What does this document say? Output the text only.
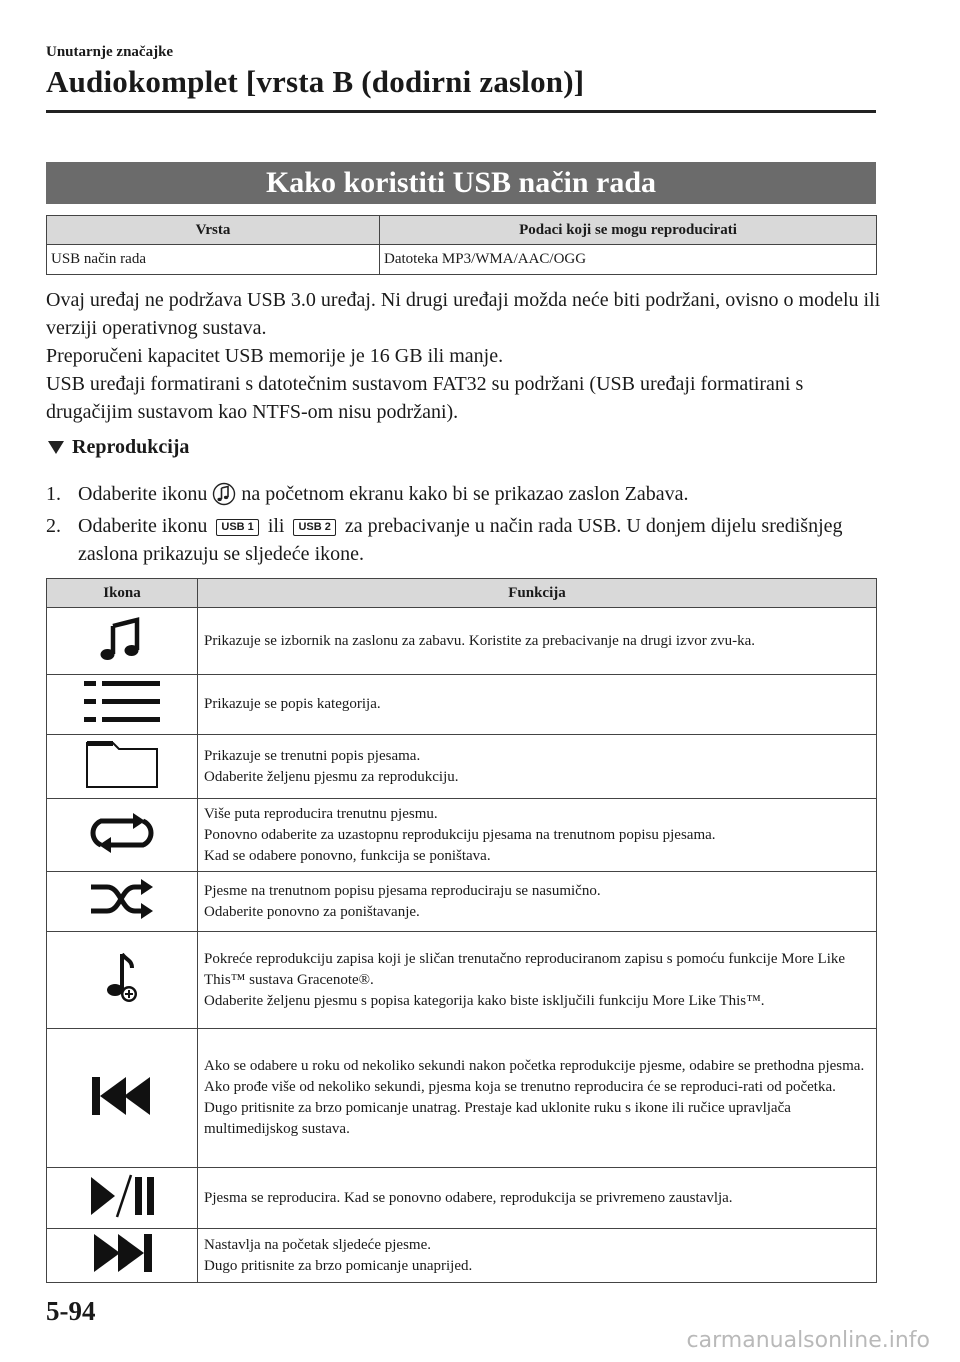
Unutarnje značajke
Audiokomplet [vrsta B (dodirni zaslon)]
Kako koristiti USB način rada
Vrsta	Podaci koji se mogu reproducirati
USB način rada	Datoteka MP3/WMA/AAC/OGG

Ovaj uređaj ne podržava USB 3.0 uređaj. Ni drugi uređaji možda neće biti podržani, ovisno o modelu ili verziji operativnog sustava.

Preporučeni kapacitet USB memorije je 16 GB ili manje.

USB uređaji formatirani s datotečnim sustavom FAT32 su podržani (USB uređaji formatirani s drugačijim sustavom kao NTFS-om nisu podržani).

Reprodukcija
1. Odaberite ikonu na početnom ekranu kako bi se prikazao zaslon Zabava.
2. Odaberite ikonu USB 1 ili USB 2 za prebacivanje u način rada USB. U donjem dijelu središnjeg zaslona prikazuju se sljedeće ikone.
Ikona	Funkcija

Prikazuje se izbornik na zaslonu za zabavu. Koristite za prebacivanje na drugi izvor zvu-ka.

Prikazuje se popis kategorija.

Prikazuje se trenutni popis pjesama.
Odaberite željenu pjesmu za reprodukciju.

Više puta reproducira trenutnu pjesmu.
Ponovno odaberite za uzastopnu reprodukciju pjesama na trenutnom popisu pjesama.
Kad se odabere ponovno, funkcija se poništava.

Pjesme na trenutnom popisu pjesama reproduciraju se nasumično.
Odaberite ponovno za poništavanje.

Pokreće reprodukciju zapisa koji je sličan trenutačno reproduciranom zapisu s pomoću funkcije More Like This™ sustava Gracenote®.
Odaberite željenu pjesmu s popisa kategorija kako biste isključili funkciju More Like This™.

Ako se odabere u roku od nekoliko sekundi nakon početka reprodukcije pjesme, odabire se prethodna pjesma.
Ako prođe više od nekoliko sekundi, pjesma koja se trenutno reproducira će se reproduci-rati od početka.
Dugo pritisnite za brzo pomicanje unatrag. Prestaje kad uklonite ruku s ikone ili ručice upravljača multimedijskog sustava.

Pjesma se reproducira. Kad se ponovno odabere, reprodukcija se privremeno zaustavlja.

Nastavlja na početak sljedeće pjesme.
Dugo pritisnite za brzo pomicanje unaprijed.
5-94
carmanualsonline.info
